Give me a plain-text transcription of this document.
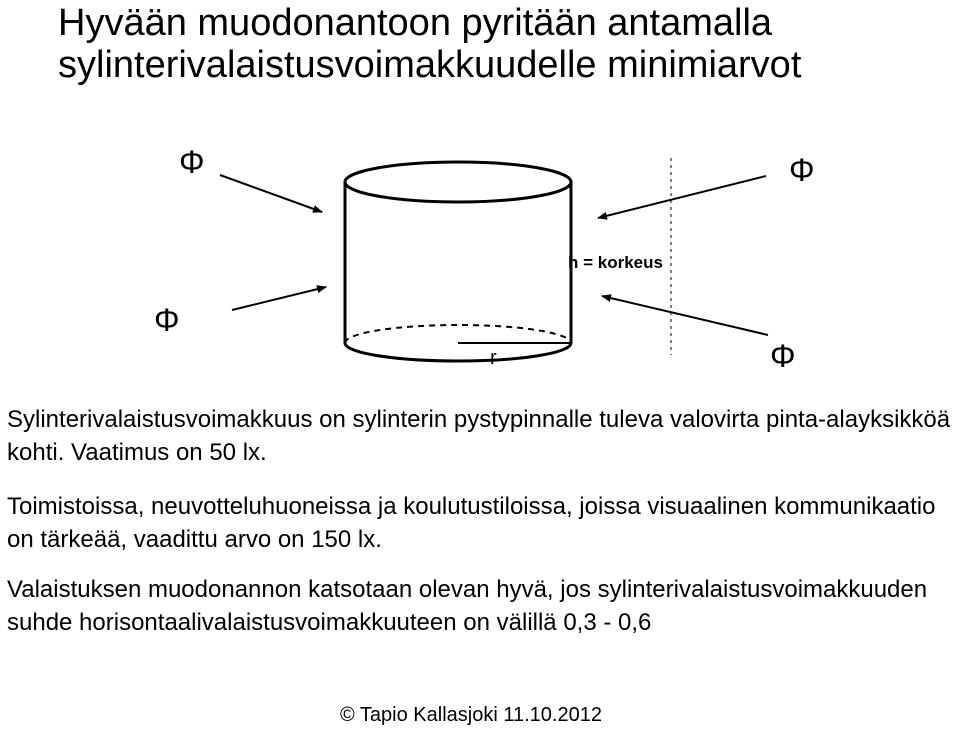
Hyvään muodonantoon pyritään antamalla
sylinterivalaistusvoimakkuudelle minimiarvot
r
h = korkeus
Φ	Φ
Φ
Φ

Sylinterivalaistusvoimakkuus on sylinterin pystypinnalle tuleva valovirta pinta-alayksikköä kohti. Vaatimus on 50 lx.

Toimistoissa, neuvotteluhuoneissa ja koulutustiloissa, joissa visuaalinen kommunikaatio on tärkeää, vaadittu arvo on 150 lx.

Valaistuksen muodonannon katsotaan olevan hyvä, jos sylinterivalaistusvoimakkuuden suhde horisontaalivalaistusvoimakkuuteen on välillä 0,3 - 0,6

© Tapio Kallasjoki 11.10.2012
